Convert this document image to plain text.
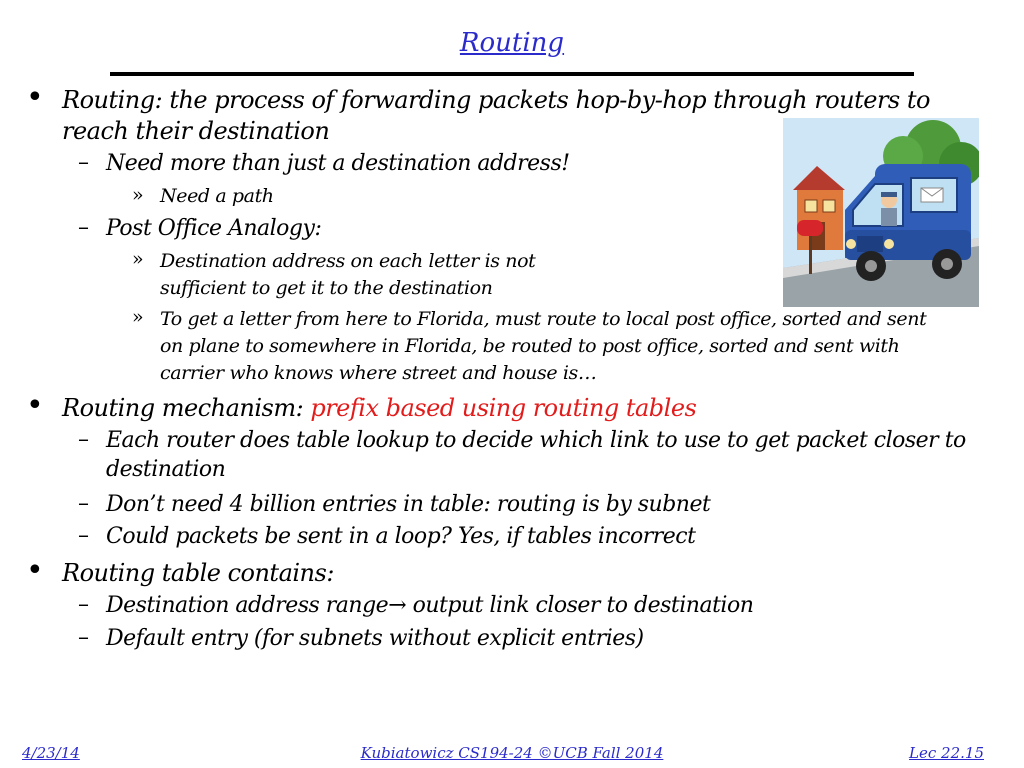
Routing
• Routing: the process of forwarding packets hop-by-hop through routers to
reach their destination
– Need more than just a destination address!
» Need a path
– Post Office Analogy:
» Destination address on each letter is not
sufficient to get it to the destination
» To get a letter from here to Florida, must route to local post office, sorted and sent
on plane to somewhere in Florida, be routed to post office, sorted and sent with
carrier who knows where street and house is…
• Routing mechanism: prefix based using routing tables
– Each router does table lookup to decide which link to use to get packet closer to
destination
– Don’t need 4 billion entries in table: routing is by subnet
– Could packets be sent in a loop? Yes, if tables incorrect
• Routing table contains:
– Destination address range→ output link closer to destination
– Default entry (for subnets without explicit entries)
4/23/14	Kubiatowicz CS194-24 ©UCB Fall 2014	Lec 22.15
